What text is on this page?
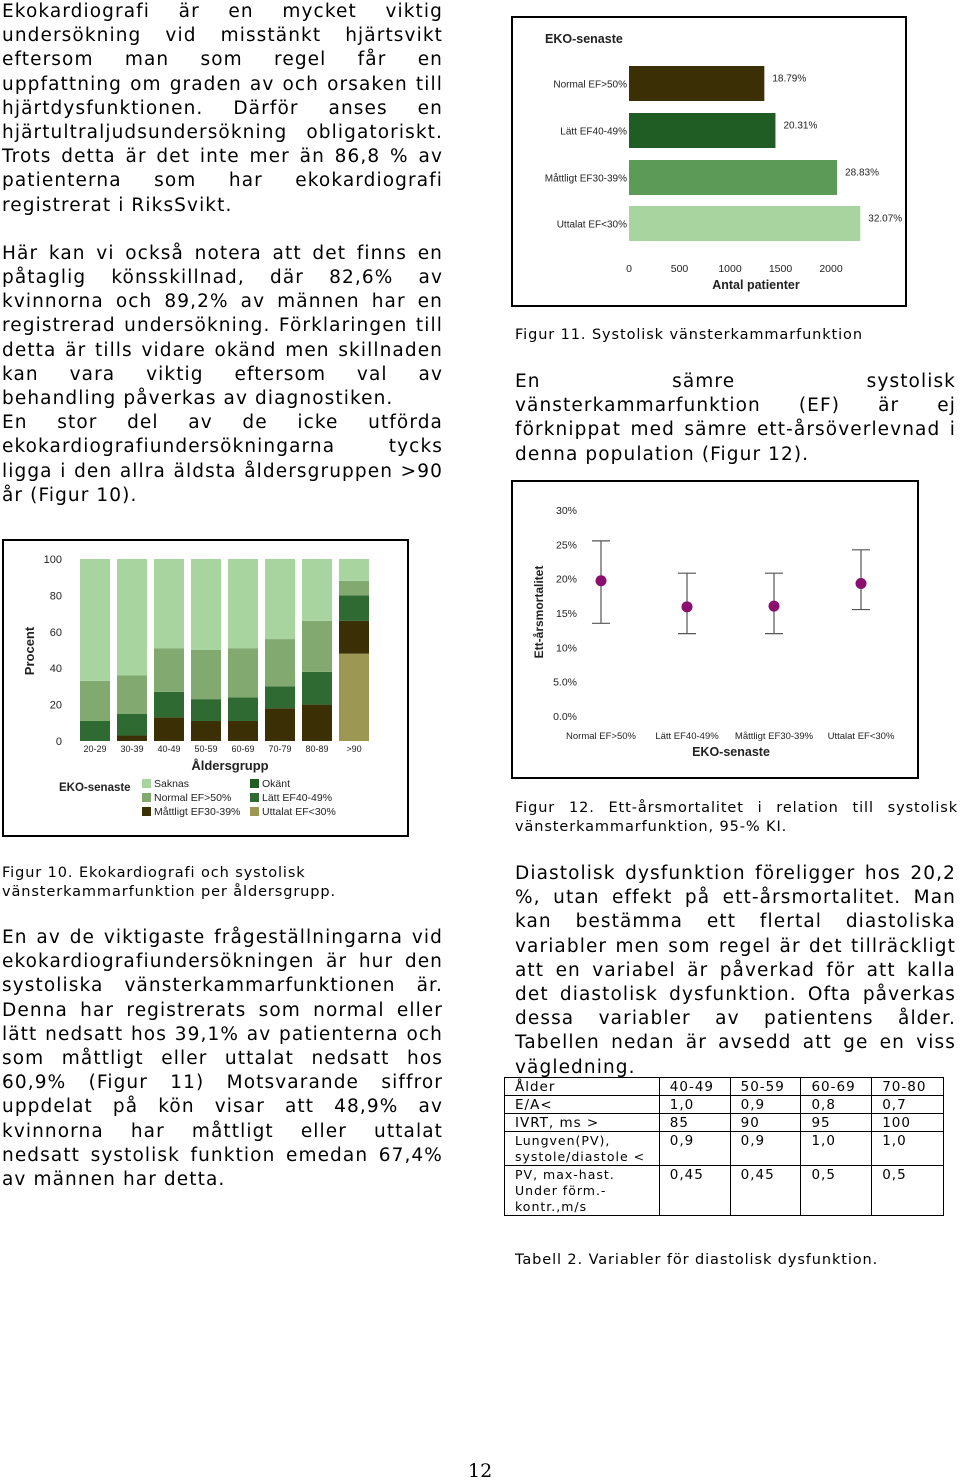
Ekokardiografi är en mycket viktig undersökning vid misstänkt hjärtsvikt eftersom man som regel får en uppfattning om graden av och orsaken till hjärtdysfunktionen. Därför anses en hjärtultraljudsundersökning obligatoriskt. Trots detta är det inte mer än 86,8 % av patienterna som har ekokardiografi registrerat i RiksSvikt.

Här kan vi också notera att det finns en påtaglig könsskillnad, där 82,6% av kvinnorna och 89,2% av männen har en registrerad undersökning. Förklaringen till detta är tills vidare okänd men skillnaden kan vara viktig eftersom val av behandling påverkas av diagnostiken.

En stor del av de icke utförda ekokardiografiundersökningarna tycks ligga i den allra äldsta åldersgruppen >90 år (Figur 10).

0
20
40
60
80
100
Procent
20-29 30-39 40-49 50-59 60-69 70-79 80-89 >90
Åldersgrupp
EKO-senaste Saknas	Okänt
Normal EF>50%	Lätt EF40-49%
Måttligt EF30-39% Uttalat EF<30%
Figur 10. Ekokardiografi och systolisk
vänsterkammarfunktion per åldersgrupp.

En av de viktigaste frågeställningarna vid ekokardiografiundersökningen är hur den systoliska vänsterkammarfunktionen är. Denna har registrerats som normal eller lätt nedsatt hos 39,1% av patienterna och som måttligt eller uttalat nedsatt hos 60,9% (Figur 11) Motsvarande siffror uppdelat på kön visar att 48,9% av kvinnorna har måttligt eller uttalat nedsatt systolisk funktion emedan 67,4% av männen har detta.

EKO-senaste
Normal EF>50%
18.79%
Lätt EF40-49%
20.31%
Måttligt EF30-39%
28.83%
Uttalat EF<30%
32.07%
0	500	1000	1500	2000
Antal patienter
Figur 11. Systolisk vänsterkammarfunktion

En sämre systolisk vänsterkammarfunktion (EF) är ej förknippat med sämre ett-årsöverlevnad i denna population (Figur 12).

0.0%
5.0%
10%
15%
20%
25%
30%
Ett-årsmortalitet
Normal EF>50% Lätt EF40-49% Måttligt EF30-39% Uttalat EF<30%
EKO-senaste
Figur 12. Ett-årsmortalitet i relation till systolisk vänsterkammarfunktion, 95-% KI.

Diastolisk dysfunktion föreligger hos 20,2 %, utan effekt på ett-årsmortalitet. Man kan bestämma ett flertal diastoliska variabler men som regel är det tillräckligt att en variabel är påverkad för att kalla det diastolisk dysfunktion. Ofta påverkas dessa variabler av patientens ålder. Tabellen nedan är avsedd att ge en viss vägledning.

Ålder	40-49	50-59	60-69	70-80
E/A<	1,0	0,9	0,8	0,7
IVRT, ms >	85	90	95	100

Lungven(PV),
systole/diastole <	0,9	0,9	1,0	1,0

PV, max-hast.
Under förm.-
kontr.,m/s	0,45	0,45	0,5	0,5
Tabell 2. Variabler för diastolisk dysfunktion.
12
